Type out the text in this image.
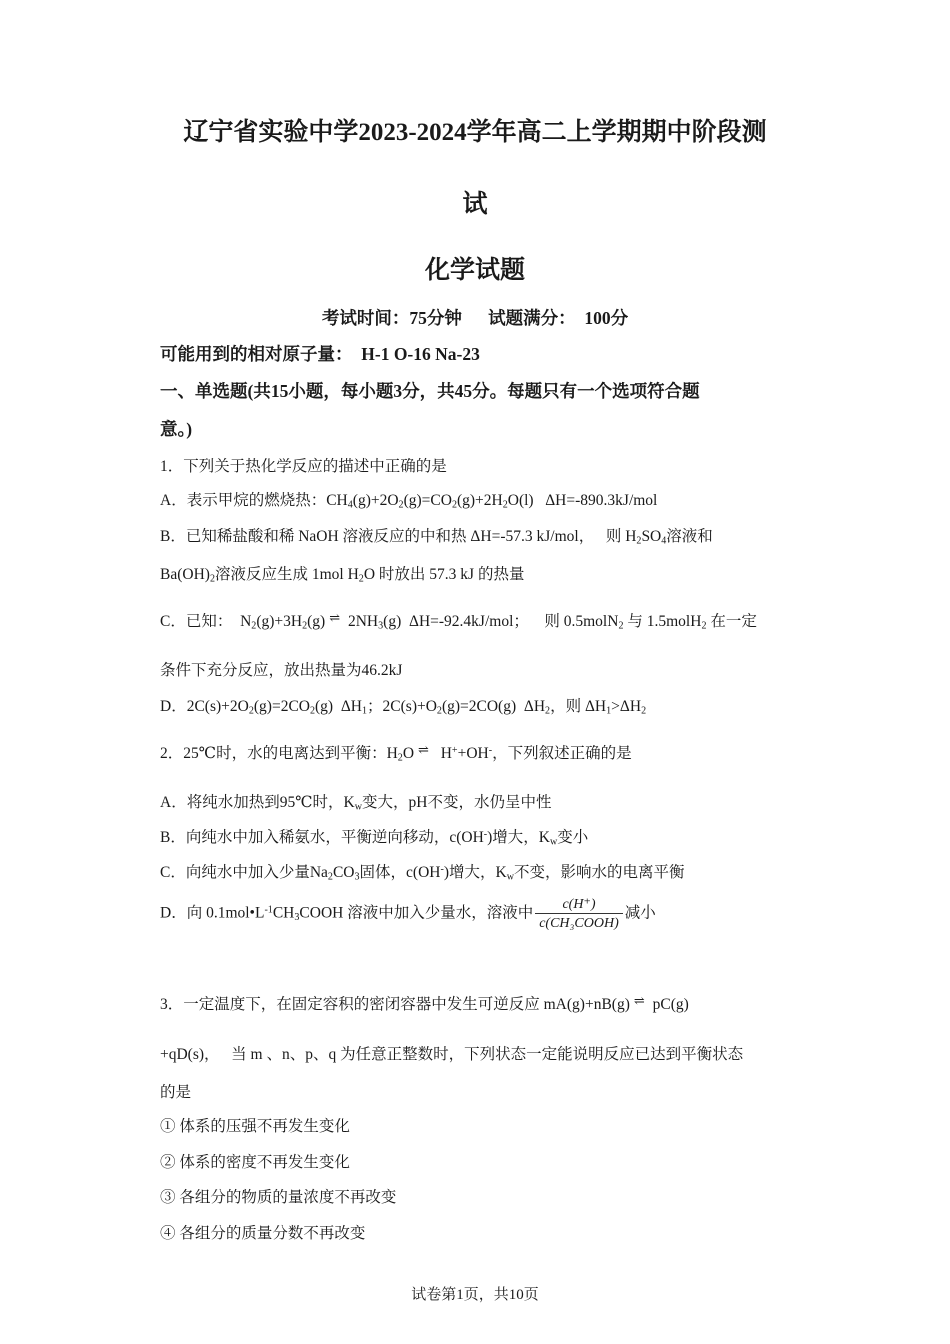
辽宁省实验中学2023-2024学年高二上学期期中阶段测
试
化学试题
考试时间：75分钟      试题满分：  100分
可能用到的相对原子量：  H-1 O-16 Na-23
一、单选题(共15小题，每小题3分，共45分。每题只有一个选项符合题
意。)
1．下列关于热化学反应的描述中正确的是
A．表示甲烷的燃烧热：$CH_4(g)+2O_2(g)=CO_2(g)+2H_2O(l)$   ΔH=-890.3kJ/mol
B．已知稀盐酸和稀 NaOH 溶液反应的中和热 ΔH=-57.3 kJ/mol，   则 $H_2SO_4$溶液和
$Ba(OH)_2$溶液反应生成 1mol $H_2O$ 时放出 57.3 kJ 的热量
C．已知：  $N_2(g)+3H_2(g)$ ⇌ $2NH_3(g)$  ΔH=-92.4kJ/mol； 则 0.5molN$_2$ 与 1.5molH$_2$ 在一定
条件下充分反应，放出热量为46.2kJ
D．$2C(s)+2O_2(g)=2CO_2(g)$  $\Delta H_1$；$2C(s)+O_2(g)=2CO(g)$  $\Delta H_2$，则 $\Delta H_1>\Delta H_2$
2．25℃时，水的电离达到平衡：$H_2O$ ⇌  H++OH-，下列叙述正确的是
A．将纯水加热到95℃时，$K_w$变大，pH不变，水仍呈中性
B．向纯水中加入稀氨水，平衡逆向移动，c(OH-)增大，$K_w$变小
C．向纯水中加入少量$Na_2CO_3$固体，c(OH-)增大，$K_w$不变，影响水的电离平衡
D．向 $0.1mol•L^{-1}CH_3COOH$ 溶液中加入少量水，溶液中 $\frac{c(H^+)}{\text{c(CH₃COOH)}}$ 减小
3．一定温度下，在固定容积的密闭容器中发生可逆反应 mA(g)+nB(g) ⇌ pC(g)
+qD(s)，   当 m 、n、p、q 为任意正整数时，下列状态一定能说明反应已达到平衡状态
的是
① 体系的压强不再发生变化
② 体系的密度不再发生变化
③ 各组分的物质的量浓度不再改变
④ 各组分的质量分数不再改变
试卷第1页，共10页
